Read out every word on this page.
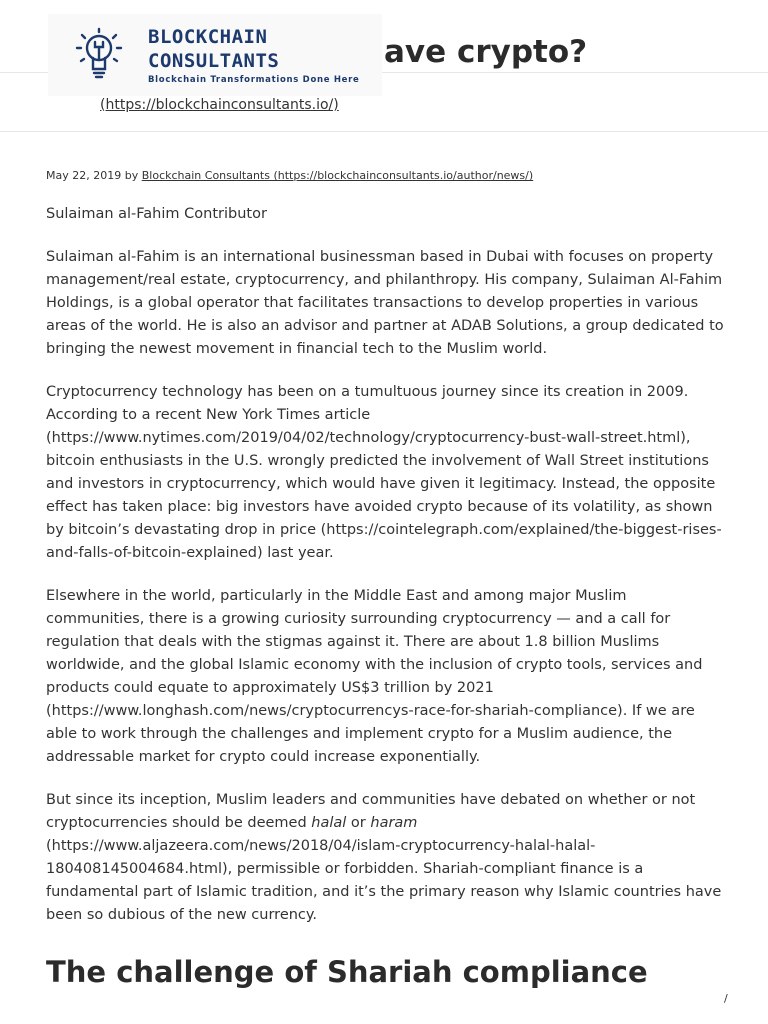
ave crypto?
BLOCKCHAIN
CONSULTANTS
Blockchain Transformations Done Here
(https://blockchainconsultants.io/)
May 22, 2019 by Blockchain Consultants (https://blockchainconsultants.io/author/news/)

Sulaiman al-Fahim Contributor

Sulaiman al-Fahim is an international businessman based in Dubai with focuses on property management/real estate, cryptocurrency, and philanthropy. His company, Sulaiman Al-Fahim Holdings, is a global operator that facilitates transactions to develop properties in various areas of the world. He is also an advisor and partner at ADAB Solutions, a group dedicated to bringing the newest movement in financial tech to the Muslim world.

Cryptocurrency technology has been on a tumultuous journey since its creation in 2009. According to a recent New York Times article (https://www.nytimes.com/2019/04/02/technology/cryptocurrency-bust-wall-street.html), bitcoin enthusiasts in the U.S. wrongly predicted the involvement of Wall Street institutions and investors in cryptocurrency, which would have given it legitimacy. Instead, the opposite effect has taken place: big investors have avoided crypto because of its volatility, as shown by bitcoin’s devastating drop in price (https://cointelegraph.com/explained/the-biggest-rises-and-falls-of-bitcoin-explained) last year.

Elsewhere in the world, particularly in the Middle East and among major Muslim communities, there is a growing curiosity surrounding cryptocurrency — and a call for regulation that deals with the stigmas against it. There are about 1.8 billion Muslims worldwide, and the global Islamic economy with the inclusion of crypto tools, services and products could equate to approximately US$3 trillion by 2021 (https://www.longhash.com/news/cryptocurrencys-race-for-shariah-compliance). If we are able to work through the challenges and implement crypto for a Muslim audience, the addressable market for crypto could increase exponentially.

But since its inception, Muslim leaders and communities have debated on whether or not cryptocurrencies should be deemed halal or haram (https://www.aljazeera.com/news/2018/04/islam-cryptocurrency-halal-halal-180408145004684.html), permissible or forbidden. Shariah-compliant finance is a fundamental part of Islamic tradition, and it’s the primary reason why Islamic countries have been so dubious of the new currency.

The challenge of Shariah compliance
/
